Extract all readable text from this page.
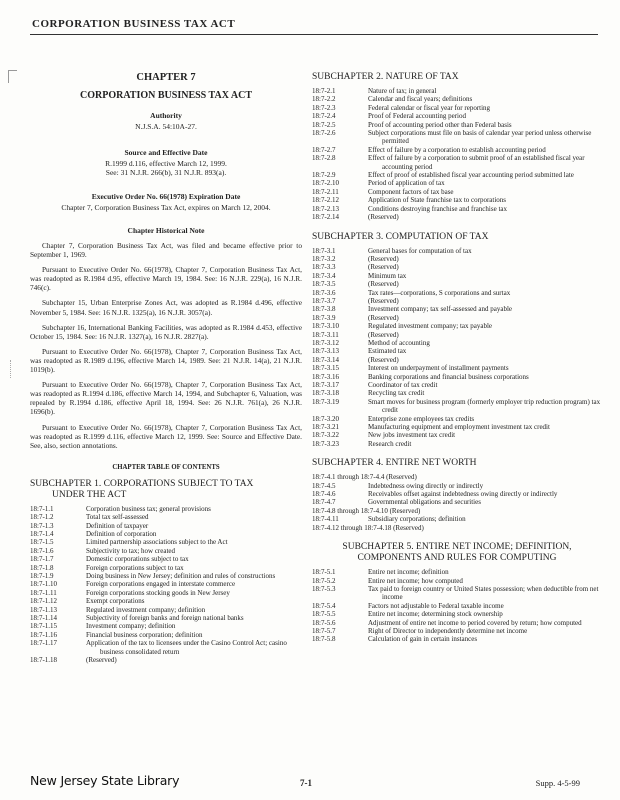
CORPORATION BUSINESS TAX ACT
CHAPTER 7
CORPORATION BUSINESS TAX ACT
Authority
N.J.S.A. 54:10A-27.
Source and Effective Date
R.1999 d.116, effective March 12, 1999.
See: 31 N.J.R. 266(b), 31 N.J.R. 893(a).
Executive Order No. 66(1978) Expiration Date
Chapter 7, Corporation Business Tax Act, expires on March 12, 2004.
Chapter Historical Note

Chapter 7, Corporation Business Tax Act, was filed and became effective prior to September 1, 1969.

Pursuant to Executive Order No. 66(1978), Chapter 7, Corporation Business Tax Act, was readopted as R.1984 d.95, effective March 19, 1984. See: 16 N.J.R. 229(a), 16 N.J.R. 746(c).

Subchapter 15, Urban Enterprise Zones Act, was adopted as R.1984 d.496, effective November 5, 1984. See: 16 N.J.R. 1325(a), 16 N.J.R. 3057(a).

Subchapter 16, International Banking Facilities, was adopted as R.1984 d.453, effective October 15, 1984. See: 16 N.J.R. 1327(a), 16 N.J.R. 2827(a).

Pursuant to Executive Order No. 66(1978), Chapter 7, Corporation Business Tax Act, was readopted as R.1989 d.196, effective March 14, 1989. See: 21 N.J.R. 14(a), 21 N.J.R. 1019(b).

Pursuant to Executive Order No. 66(1978), Chapter 7, Corporation Business Tax Act, was readopted as R.1994 d.186, effective March 14, 1994, and Subchapter 6, Valuation, was repealed by R.1994 d.186, effective April 18, 1994. See: 26 N.J.R. 761(a), 26 N.J.R. 1696(b).

Pursuant to Executive Order No. 66(1978), Chapter 7, Corporation Business Tax Act, was readopted as R.1999 d.116, effective March 12, 1999. See: Source and Effective Date. See, also, section annotations.

CHAPTER TABLE OF CONTENTS
SUBCHAPTER 1. CORPORATIONS SUBJECT TO TAX
UNDER THE ACT
18:7-1.1	Corporation business tax; general provisions
18:7-1.2	Total tax self-assessed
18:7-1.3	Definition of taxpayer
18:7-1.4	Definition of corporation
18:7-1.5	Limited partnership associations subject to the Act
18:7-1.6	Subjectivity to tax; how created
18:7-1.7	Domestic corporations subject to tax
18:7-1.8	Foreign corporations subject to tax
18:7-1.9	Doing business in New Jersey; definition and rules of constructions
18:7-1.10	Foreign corporations engaged in interstate commerce
18:7-1.11	Foreign corporations stocking goods in New Jersey
18:7-1.12	Exempt corporations
18:7-1.13	Regulated investment company; definition
18:7-1.14	Subjectivity of foreign banks and foreign national banks
18:7-1.15	Investment company; definition
18:7-1.16	Financial business corporation; definition
18:7-1.17	Application of the tax to licensees under the Casino Control Act; casino business consolidated return
18:7-1.18	(Reserved)
SUBCHAPTER 2. NATURE OF TAX
18:7-2.1	Nature of tax; in general
18:7-2.2	Calendar and fiscal years; definitions
18:7-2.3	Federal calendar or fiscal year for reporting
18:7-2.4	Proof of Federal accounting period
18:7-2.5	Proof of accounting period other than Federal basis
18:7-2.6	Subject corporations must file on basis of calendar year period unless otherwise permitted
18:7-2.7	Effect of failure by a corporation to establish accounting period
18:7-2.8	Effect of failure by a corporation to submit proof of an established fiscal year accounting period
18:7-2.9	Effect of proof of established fiscal year accounting period submitted late
18:7-2.10	Period of application of tax
18:7-2.11	Component factors of tax base
18:7-2.12	Application of State franchise tax to corporations
18:7-2.13	Conditions destroying franchise and franchise tax
18:7-2.14	(Reserved)
SUBCHAPTER 3. COMPUTATION OF TAX
18:7-3.1	General bases for computation of tax
18:7-3.2	(Reserved)
18:7-3.3	(Reserved)
18:7-3.4	Minimum tax
18:7-3.5	(Reserved)
18:7-3.6	Tax rates—corporations, S corporations and surtax
18:7-3.7	(Reserved)
18:7-3.8	Investment company; tax self-assessed and payable
18:7-3.9	(Reserved)
18:7-3.10	Regulated investment company; tax payable
18:7-3.11	(Reserved)
18:7-3.12	Method of accounting
18:7-3.13	Estimated tax
18:7-3.14	(Reserved)
18:7-3.15	Interest on underpayment of installment payments
18:7-3.16	Banking corporations and financial business corporations
18:7-3.17	Coordinator of tax credit
18:7-3.18	Recycling tax credit
18:7-3.19	Smart moves for business program (formerly employer trip reduction program) tax credit
18:7-3.20	Enterprise zone employees tax credits
18:7-3.21	Manufacturing equipment and employment investment tax credit
18:7-3.22	New jobs investment tax credit
18:7-3.23	Research credit
SUBCHAPTER 4. ENTIRE NET WORTH
18:7-4.1 through 18:7-4.4 (Reserved)
18:7-4.5	Indebtedness owing directly or indirectly
18:7-4.6	Receivables offset against indebtedness owing directly or indirectly
18:7-4.7	Governmental obligations and securities
18:7-4.8 through 18:7-4.10 (Reserved)
18:7-4.11	Subsidiary corporations; definition
18:7-4.12 through 18:7-4.18 (Reserved)
SUBCHAPTER 5. ENTIRE NET INCOME; DEFINITION,
COMPONENTS AND RULES FOR COMPUTING
18:7-5.1	Entire net income; definition
18:7-5.2	Entire net income; how computed
18:7-5.3	Tax paid to foreign country or United States possession; when deductible from net income
18:7-5.4	Factors not adjustable to Federal taxable income
18:7-5.5	Entire net income; determining stock ownership
18:7-5.6	Adjustment of entire net income to period covered by return; how computed
18:7-5.7	Right of Director to independently determine net income
18:7-5.8	Calculation of gain in certain instances
New Jersey State Library	7-1	Supp. 4-5-99
